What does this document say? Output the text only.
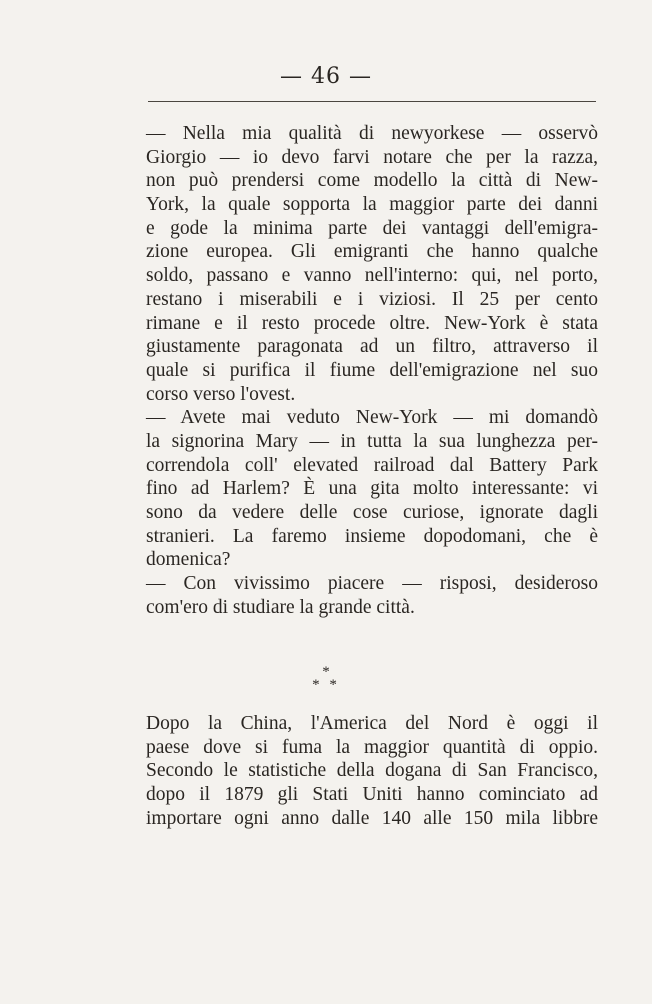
— 46 —
— Nella mia qualità di newyorkese — osservò
Giorgio — io devo farvi notare che per la razza,
non può prendersi come modello la città di New-
York, la quale sopporta la maggior parte dei danni
e gode la minima parte dei vantaggi dell'emigra-
zione europea. Gli emigranti che hanno qualche
soldo, passano e vanno nell'interno: qui, nel porto,
restano i miserabili e i viziosi. Il 25 per cento
rimane e il resto procede oltre. New-York è stata
giustamente paragonata ad un filtro, attraverso il
quale si purifica il fiume dell'emigrazione nel suo
corso verso l'ovest.
— Avete mai veduto New-York — mi domandò
la signorina Mary — in tutta la sua lunghezza per-
correndola coll' elevated railroad dal Battery Park
fino ad Harlem? È una gita molto interessante: vi
sono da vedere delle cose curiose, ignorate dagli
stranieri. La faremo insieme dopodomani, che è
domenica?
— Con vivissimo piacere — risposi, desideroso
com'ero di studiare la grande città.
*
* *
Dopo la China, l'America del Nord è oggi il
paese dove si fuma la maggior quantità di oppio.
Secondo le statistiche della dogana di San Francisco,
dopo il 1879 gli Stati Uniti hanno cominciato ad
importare ogni anno dalle 140 alle 150 mila libbre
